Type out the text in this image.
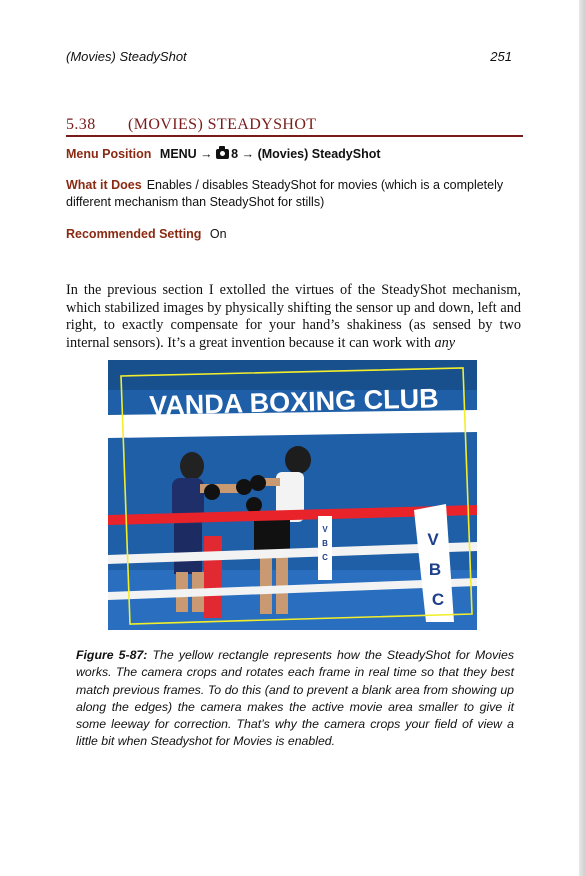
(Movies) SteadyShot	251
5.38 (MOVIES) STEADYSHOT
Menu Position MENU → 8 → (Movies) SteadyShot
What it Does Enables / disables SteadyShot for movies (which is a completely different mechanism than SteadyShot for stills)
Recommended Setting On
In the previous section I extolled the virtues of the SteadyShot mechanism, which stabilized images by physically shifting the sensor up and down, left and right, to exactly compensate for your hand’s shakiness (as sensed by two internal sensors). It’s a great invention because it can work with any
VANDA BOXING CLUB
V
B
C
V
B
C
Figure 5-87: The yellow rectangle represents how the SteadyShot for Movies works. The camera crops and rotates each frame in real time so that they best match previous frames. To do this (and to prevent a blank area from showing up along the edges) the camera makes the active movie area smaller to give it some leeway for correction. That’s why the camera crops your field of view a little bit when Steadyshot for Movies is enabled.
